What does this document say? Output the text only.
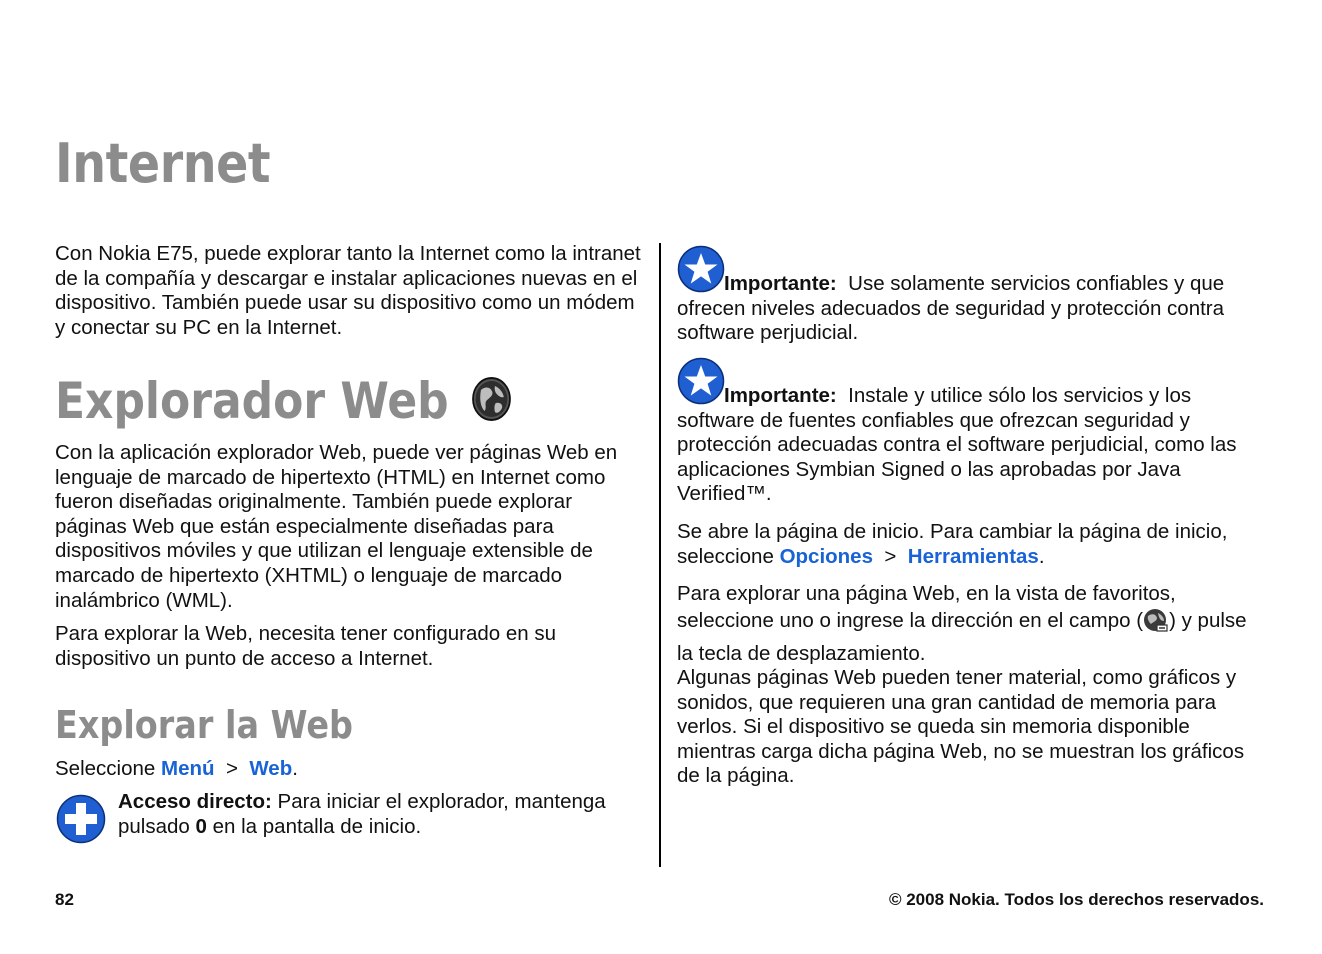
Internet

Con Nokia E75, puede explorar tanto la Internet como la intranet de la compañía y descargar e instalar aplicaciones nuevas en el dispositivo. También puede usar su dispositivo como un módem y conectar su PC en la Internet.

Explorador Web

Con la aplicación explorador Web, puede ver páginas Web en lenguaje de marcado de hipertexto (HTML) en Internet como fueron diseñadas originalmente. También puede explorar páginas Web que están especialmente diseñadas para dispositivos móviles y que utilizan el lenguaje extensible de marcado de hipertexto (XHTML) o lenguaje de marcado inalámbrico (WML).

Para explorar la Web, necesita tener configurado en su dispositivo un punto de acceso a Internet.

Explorar la Web

Seleccione Menú > Web.

Acceso directo: Para iniciar el explorador, mantenga pulsado 0 en la pantalla de inicio.

Importante: Use solamente servicios confiables y que ofrecen niveles adecuados de seguridad y protección contra software perjudicial.

Importante: Instale y utilice sólo los servicios y los software de fuentes confiables que ofrezcan seguridad y protección adecuadas contra el software perjudicial, como las aplicaciones Symbian Signed o las aprobadas por Java Verified™.

Se abre la página de inicio. Para cambiar la página de inicio, seleccione Opciones > Herramientas.

Para explorar una página Web, en la vista de favoritos, seleccione uno o ingrese la dirección en el campo ( ) y pulse la tecla de desplazamiento.

Algunas páginas Web pueden tener material, como gráficos y sonidos, que requieren una gran cantidad de memoria para verlos. Si el dispositivo se queda sin memoria disponible mientras carga dicha página Web, no se muestran los gráficos de la página.

82	© 2008 Nokia. Todos los derechos reservados.
